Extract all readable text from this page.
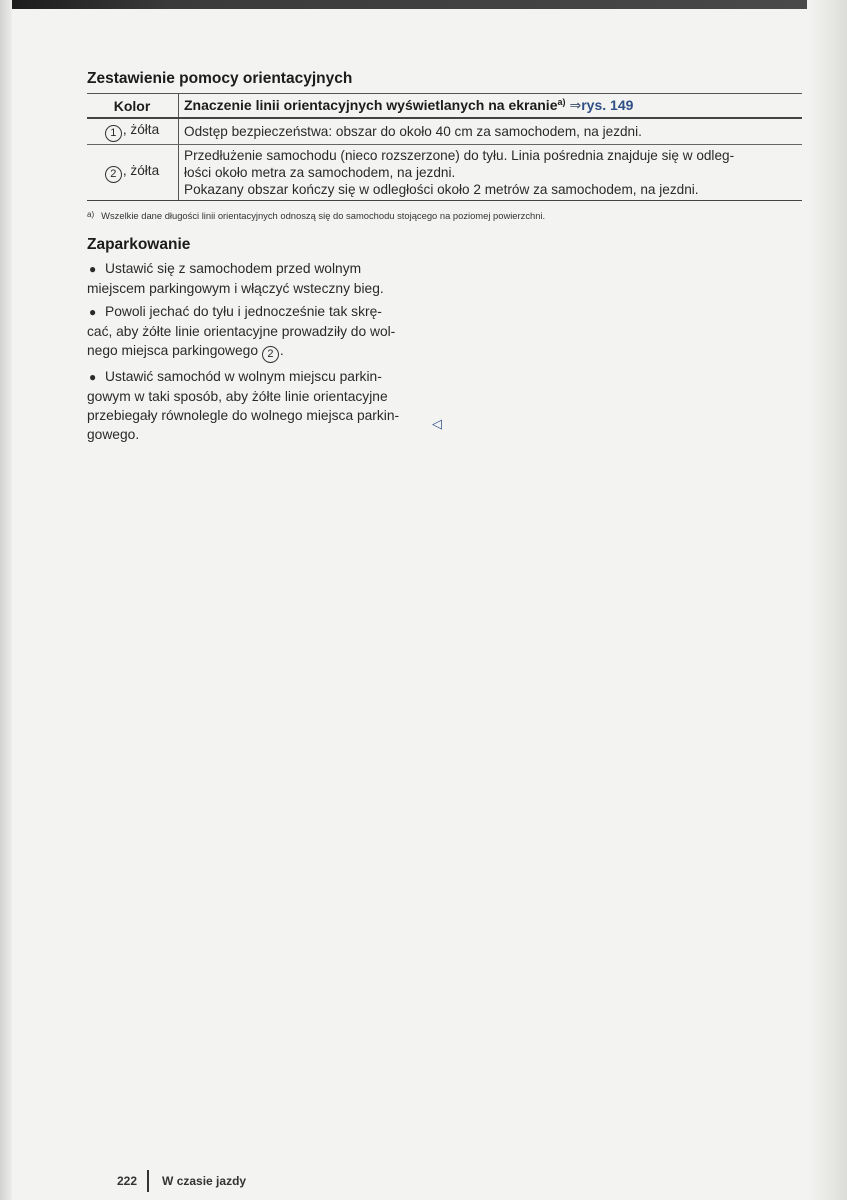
Zestawienie pomocy orientacyjnych
Kolor	Znaczenie linii orientacyjnych wyświetlanych na ekranie$^{a)}$ ⇒rys. 149
1 , żółta	Odstęp bezpieczeństwa: obszar do około 40 cm za samochodem, na jezdni.

2 , żółta	Przedłużenie samochodu (nieco rozszerzone) do tyłu. Linia pośrednia znajduje się w odleg-
łości około metra za samochodem, na jezdni.
Pokazany obszar kończy się w odległości około 2 metrów za samochodem, na jezdni.
a) Wszelkie dane długości linii orientacyjnych odnoszą się do samochodu stojącego na poziomej powierzchni.
Zaparkowanie

● Ustawić się z samochodem przed wolnym
miejscem parkingowym i włączyć wsteczny bieg.

● Powoli jechać do tyłu i jednocześnie tak skrę-
cać, aby żółte linie orientacyjne prowadziły do wol-
nego miejsca parkingowego 2 .

● Ustawić samochód w wolnym miejscu parkin-
gowym w taki sposób, aby żółte linie orientacyjne
przebiegały równolegle do wolnego miejsca parkin-
gowego.

◁
222 W czasie jazdy
